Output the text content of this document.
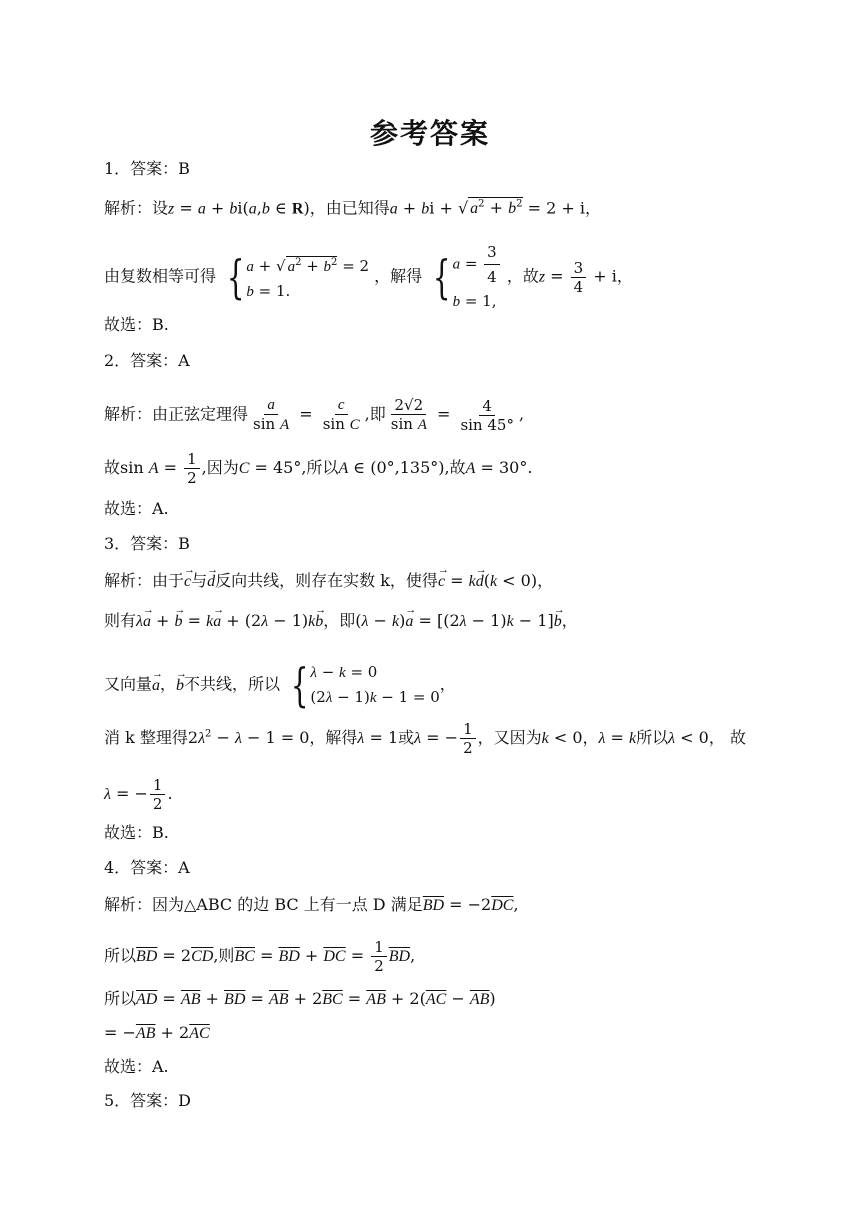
参考答案
1．答案：B
解析：设z = a + bi(a,b ∈ R)，由已知得a + bi + √ $a^2 + b^2 = 2 + i$，
由复数相等可得 { a + √ $a^2 + b^2 = 2$
b = 1.
，解得 { $a = \frac{3}{4}$
b = 1,
，故$z = \frac{3}{4} + i$，
故选：B.
2．答案：A
解析：由正弦定理得 $\frac{a}{\text{sin A}} = \frac{c}{\text{sin C}}$ ,即 $\frac{2√2}{\text{sin A}} = \frac{4}{\sin 45^\circ}$ ,
故$\sin A = \frac{1}{2}$ ,因为C = 45°,所以A ∈ (0°,135°),故A = 30°.
故选：A.
3．答案：B
解析：由于→ c与→ d反向共线，则存在实数 k，使得→ c = k→ d(k < 0)，
则有λ→ a + → b = k→ a + (2λ − 1)k→ b，即(λ − k)→ a = [(2λ − 1)k − 1]→ b，
又向量→ a，→ b不共线，所以 { λ − k = 0
(2λ − 1)k − 1 = 0
，
消 k 整理得$2\lambda^2 - \lambda - 1 = 0$，解得λ = 1或λ = − $\frac{1}{2}$ ，又因为k < 0，λ = k所以λ < 0， 故
λ = − $\frac{1}{2}$ .
故选：B.
4．答案：A
解析：因为△ABC 的边 BC 上有一点 D 满足$\overline{BD} = -2\overline{DC}$,
所以$\overline{BD} = 2\overline{CD}$,则$\overline{BC} = \overline{BD} + \overline{DC} = \frac{1}{2} \overline{BD}$,
所以$\overline{AD} = \overline{AB} + \overline{BD} = \overline{AB} + 2\overline{BC} = \overline{AB} + 2(\overline{AC} - \overline{AB})$
= $-\overline{AB} + 2\overline{AC}$
故选：A.
5．答案：D
